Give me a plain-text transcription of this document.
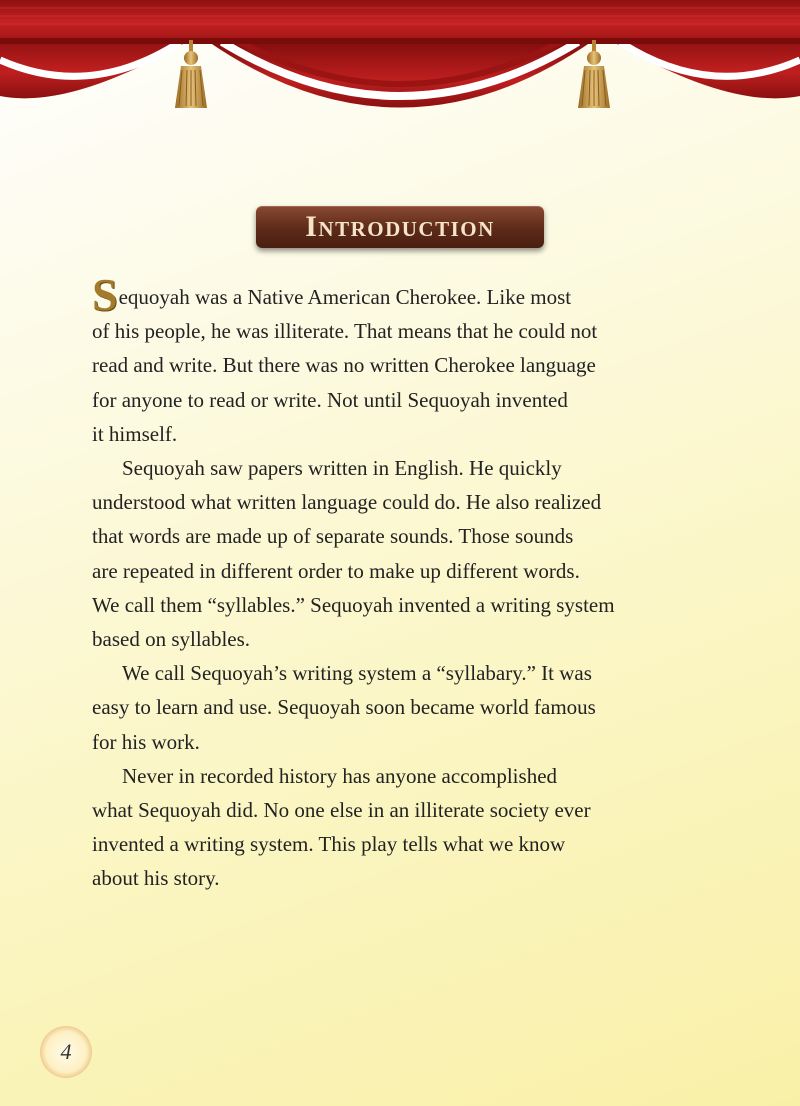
Introduction

Sequoyah was a Native American Cherokee. Like most
of his people, he was illiterate. That means that he could not
read and write. But there was no written Cherokee language
for anyone to read or write. Not until Sequoyah invented
it himself.

Sequoyah saw papers written in English. He quickly
understood what written language could do. He also realized
that words are made up of separate sounds. Those sounds
are repeated in different order to make up different words.
We call them “syllables.” Sequoyah invented a writing system
based on syllables.

We call Sequoyah’s writing system a “syllabary.” It was
easy to learn and use. Sequoyah soon became world famous
for his work.

Never in recorded history has anyone accomplished
what Sequoyah did. No one else in an illiterate society ever
invented a writing system. This play tells what we know
about his story.

4
